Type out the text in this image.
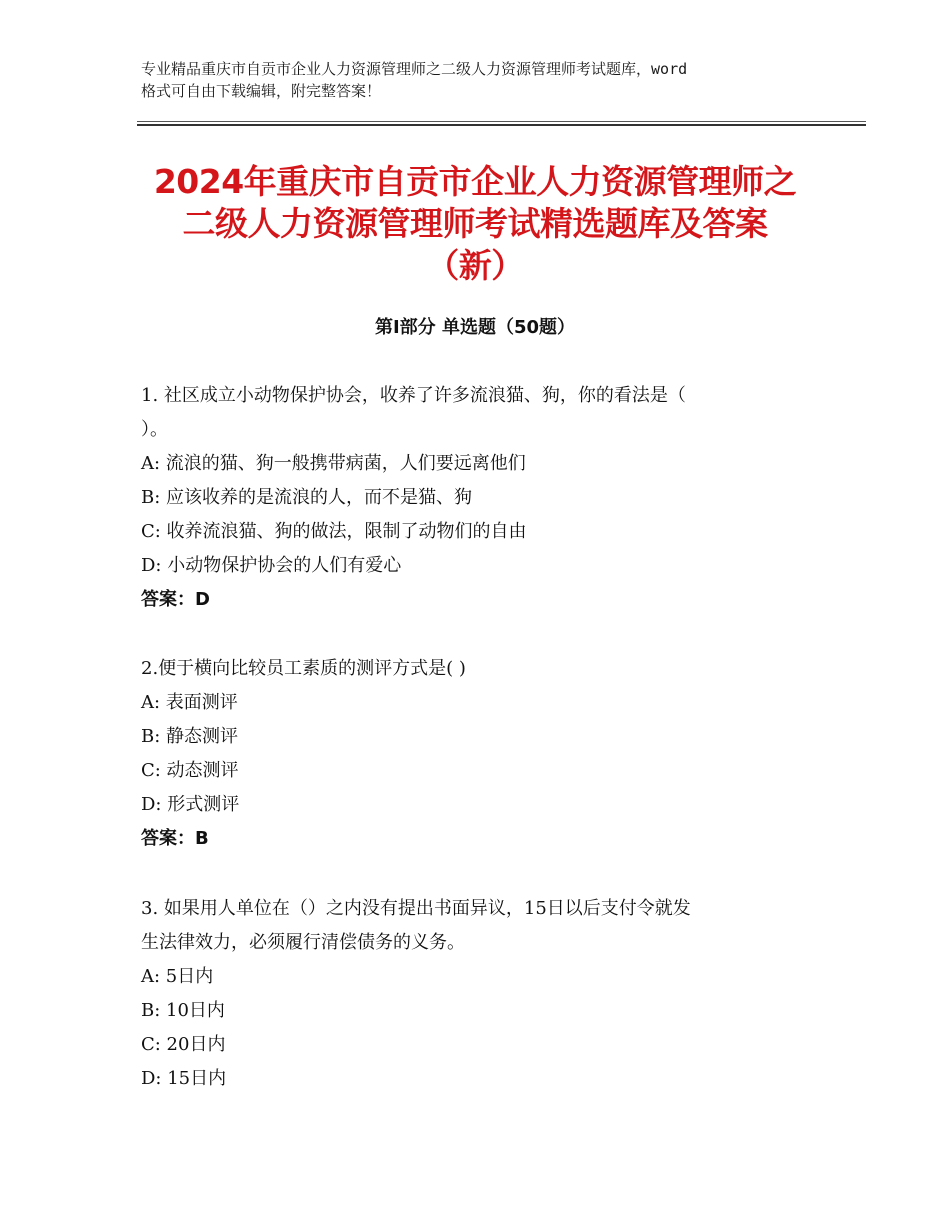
专业精品重庆市自贡市企业人力资源管理师之二级人力资源管理师考试题库，word
格式可自由下载编辑，附完整答案！
2024年重庆市自贡市企业人力资源管理师之
二级人力资源管理师考试精选题库及答案
（新）
第Ⅰ部分 单选题（50题）
1. 社区成立小动物保护协会，收养了许多流浪猫、狗，你的看法是（
）。
A: 流浪的猫、狗一般携带病菌，人们要远离他们
B: 应该收养的是流浪的人，而不是猫、狗
C: 收养流浪猫、狗的做法，限制了动物们的自由
D: 小动物保护协会的人们有爱心
答案：D
2.便于横向比较员工素质的测评方式是( )
A: 表面测评
B: 静态测评
C: 动态测评
D: 形式测评
答案：B
3. 如果用人单位在（）之内没有提出书面异议，15日以后支付令就发
生法律效力，必须履行清偿债务的义务。
A: 5日内
B: 10日内
C: 20日内
D: 15日内
